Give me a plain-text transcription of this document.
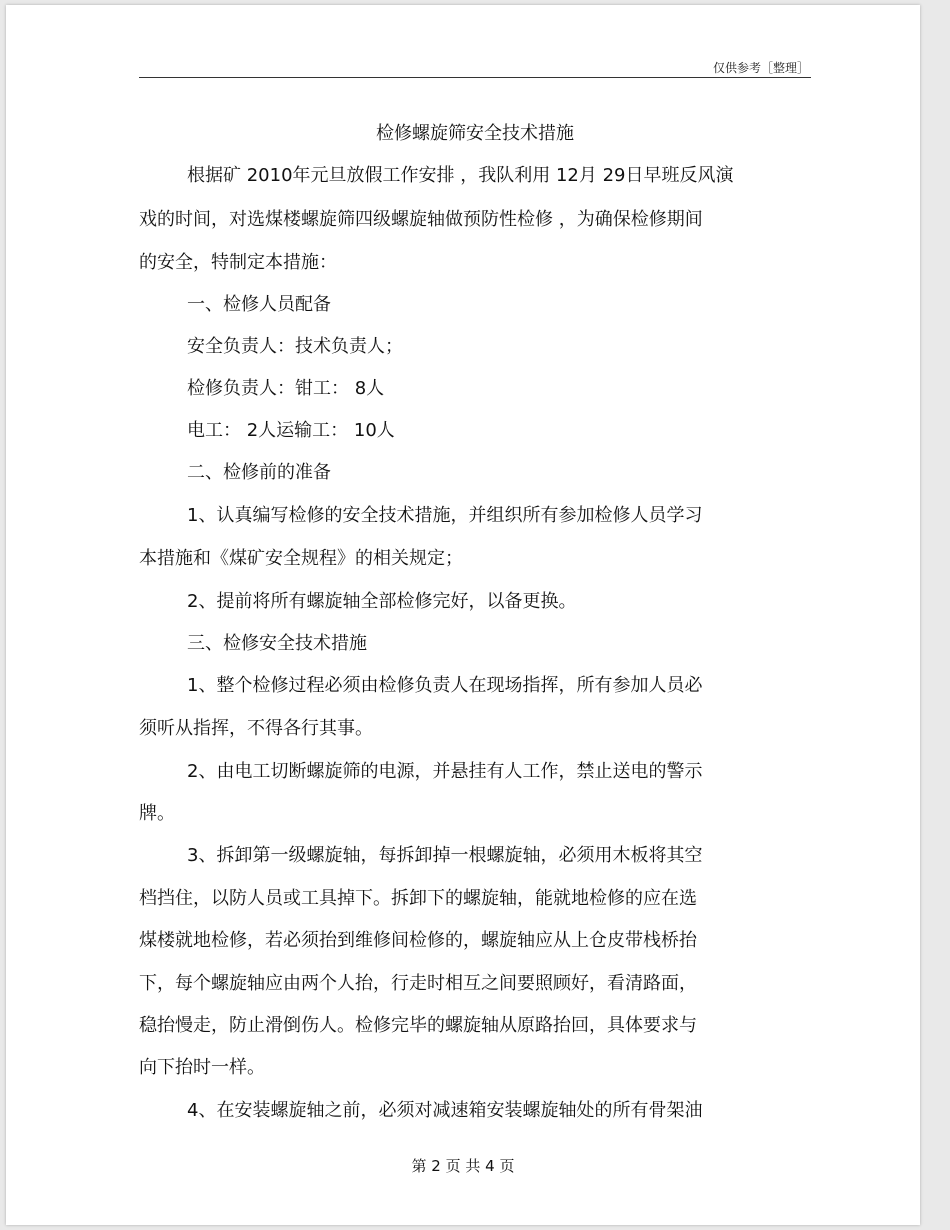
仅供参考［整理］
检修螺旋筛安全技术措施
根据矿 2010年元旦放假工作安排 ，我队利用 12月 29日早班反风演
戏的时间，对选煤楼螺旋筛四级螺旋轴做预防性检修 ，为确保检修期间
的安全，特制定本措施：
一、检修人员配备
安全负责人：技术负责人；
检修负责人：钳工： 8人
电工： 2人运输工： 10人
二、检修前的准备
1、认真编写检修的安全技术措施，并组织所有参加检修人员学习
本措施和《煤矿安全规程》的相关规定；
2、提前将所有螺旋轴全部检修完好，以备更换。
三、检修安全技术措施
1、整个检修过程必须由检修负责人在现场指挥，所有参加人员必
须听从指挥，不得各行其事。
2、由电工切断螺旋筛的电源，并悬挂有人工作，禁止送电的警示
牌。
3、拆卸第一级螺旋轴，每拆卸掉一根螺旋轴，必须用木板将其空
档挡住，以防人员或工具掉下。拆卸下的螺旋轴，能就地检修的应在选
煤楼就地检修，若必须抬到维修间检修的，螺旋轴应从上仓皮带栈桥抬
下，每个螺旋轴应由两个人抬，行走时相互之间要照顾好，看清路面，
稳抬慢走，防止滑倒伤人。检修完毕的螺旋轴从原路抬回，具体要求与
向下抬时一样。
4、在安装螺旋轴之前，必须对减速箱安装螺旋轴处的所有骨架油
第 2 页 共 4 页
